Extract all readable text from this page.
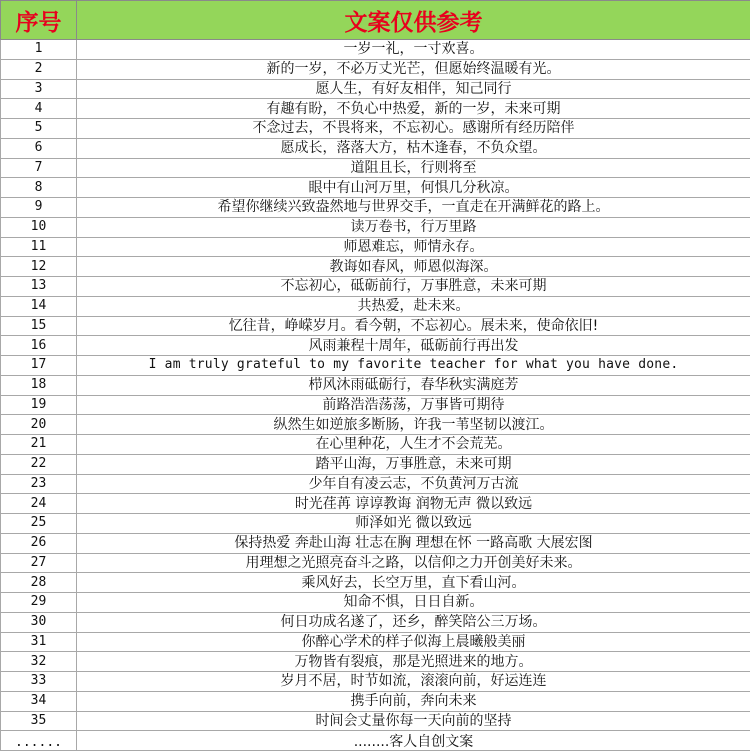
序号	文案仅供参考
1	一岁一礼，一寸欢喜。
2	新的一岁，不必万丈光芒，但愿始终温暖有光。
3	愿人生，有好友相伴，知己同行
4	有趣有盼，不负心中热爱，新的一岁，未来可期
5	不念过去，不畏将来，不忘初心。感谢所有经历陪伴
6	愿成长，落落大方，枯木逢春，不负众望。
7	道阻且长，行则将至
8	眼中有山河万里，何惧几分秋凉。
9	希望你继续兴致盎然地与世界交手，一直走在开满鲜花的路上。
10	读万卷书，行万里路
11	师恩难忘，师情永存。
12	教诲如春风，师恩似海深。
13	不忘初心，砥砺前行，万事胜意，未来可期
14	共热爱，赴未来。
15	忆往昔，峥嵘岁月。看今朝，不忘初心。展未来，使命依旧!
16	风雨兼程十周年，砥砺前行再出发
17	I am truly grateful to my favorite teacher for what you have done.
18	栉风沐雨砥砺行，春华秋实满庭芳
19	前路浩浩荡荡，万事皆可期待
20	纵然生如逆旅多断肠，许我一苇坚韧以渡江。
21	在心里种花，人生才不会荒芜。
22	踏平山海，万事胜意，未来可期
23	少年自有凌云志，不负黄河万古流
24	时光荏苒 谆谆教诲 润物无声 微以致远
25	师泽如光 微以致远
26	保持热爱 奔赴山海 壮志在胸 理想在怀 一路高歌 大展宏图
27	用理想之光照亮奋斗之路，以信仰之力开创美好未来。
28	乘风好去，长空万里，直下看山河。
29	知命不惧，日日自新。
30	何日功成名遂了，还乡，醉笑陪公三万场。
31	你醉心学术的样子似海上晨曦般美丽
32	万物皆有裂痕，那是光照进来的地方。
33	岁月不居，时节如流，滚滚向前，好运连连
34	携手向前，奔向未来
35	时间会丈量你每一天向前的坚持
......	........客人自创文案
